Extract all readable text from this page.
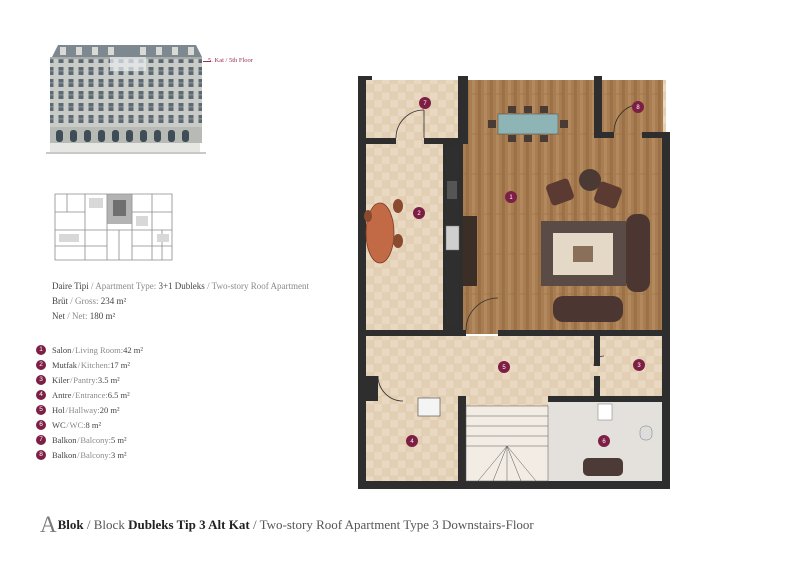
5. Kat / 5th Floor
Daire Tipi / Apartment Type: 3+1 Dubleks / Two-story Roof Apartment
Brüt / Gross: 234 m²
Net / Net: 180 m²
1	Salon  /  Living Room: 42 m²
2	Mutfak  /  Kitchen: 17 m²
3	Kiler  /  Pantry: 3.5 m²
4	Antre  /  Entrance: 6.5 m²
5	Hol  /  Hallway: 20 m²
6	WC  /  WC: 8 m²
7	Balkon  /  Balcony: 5 m²
8	Balkon  /  Balcony: 3 m²
ABlok / Block Dubleks Tip 3 Alt Kat / Two-story Roof Apartment Type 3 Downstairs-Floor
1
2
3
4
5
6
7
8
